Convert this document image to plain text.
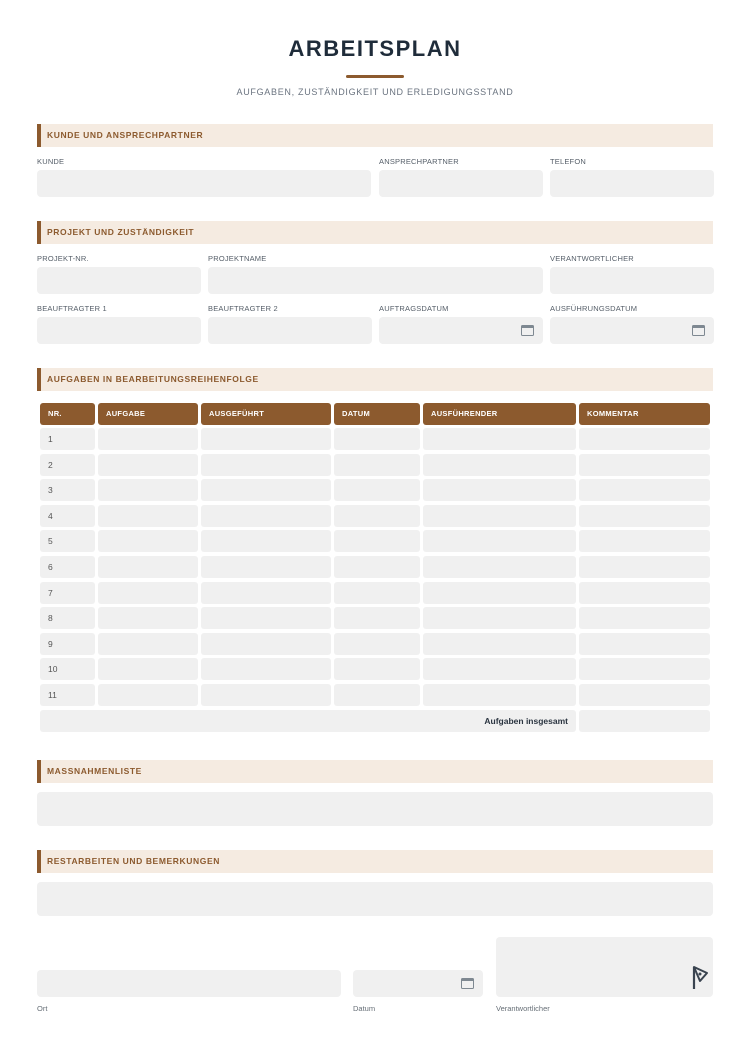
ARBEITSPLAN
AUFGABEN, ZUSTÄNDIGKEIT UND ERLEDIGUNGSSTAND
KUNDE UND ANSPRECHPARTNER
KUNDE	ANSPRECHPARTNER	TELEFON
PROJEKT UND ZUSTÄNDIGKEIT
PROJEKT-NR.	PROJEKTNAME	VERANTWORTLICHER
BEAUFTRAGTER 1	BEAUFTRAGTER 2	AUFTRAGSDATUM	AUSFÜHRUNGSDATUM
AUFGABEN IN BEARBEITUNGSREIHENFOLGE
NR.	AUFGABE	AUSGEFÜHRT	DATUM	AUSFÜHRENDER	KOMMENTAR
1
2
3
4
5
6
7
8
9
10
11
Aufgaben insgesamt
MASSNAHMENLISTE
RESTARBEITEN UND BEMERKUNGEN
Ort	Datum	Verantwortlicher
